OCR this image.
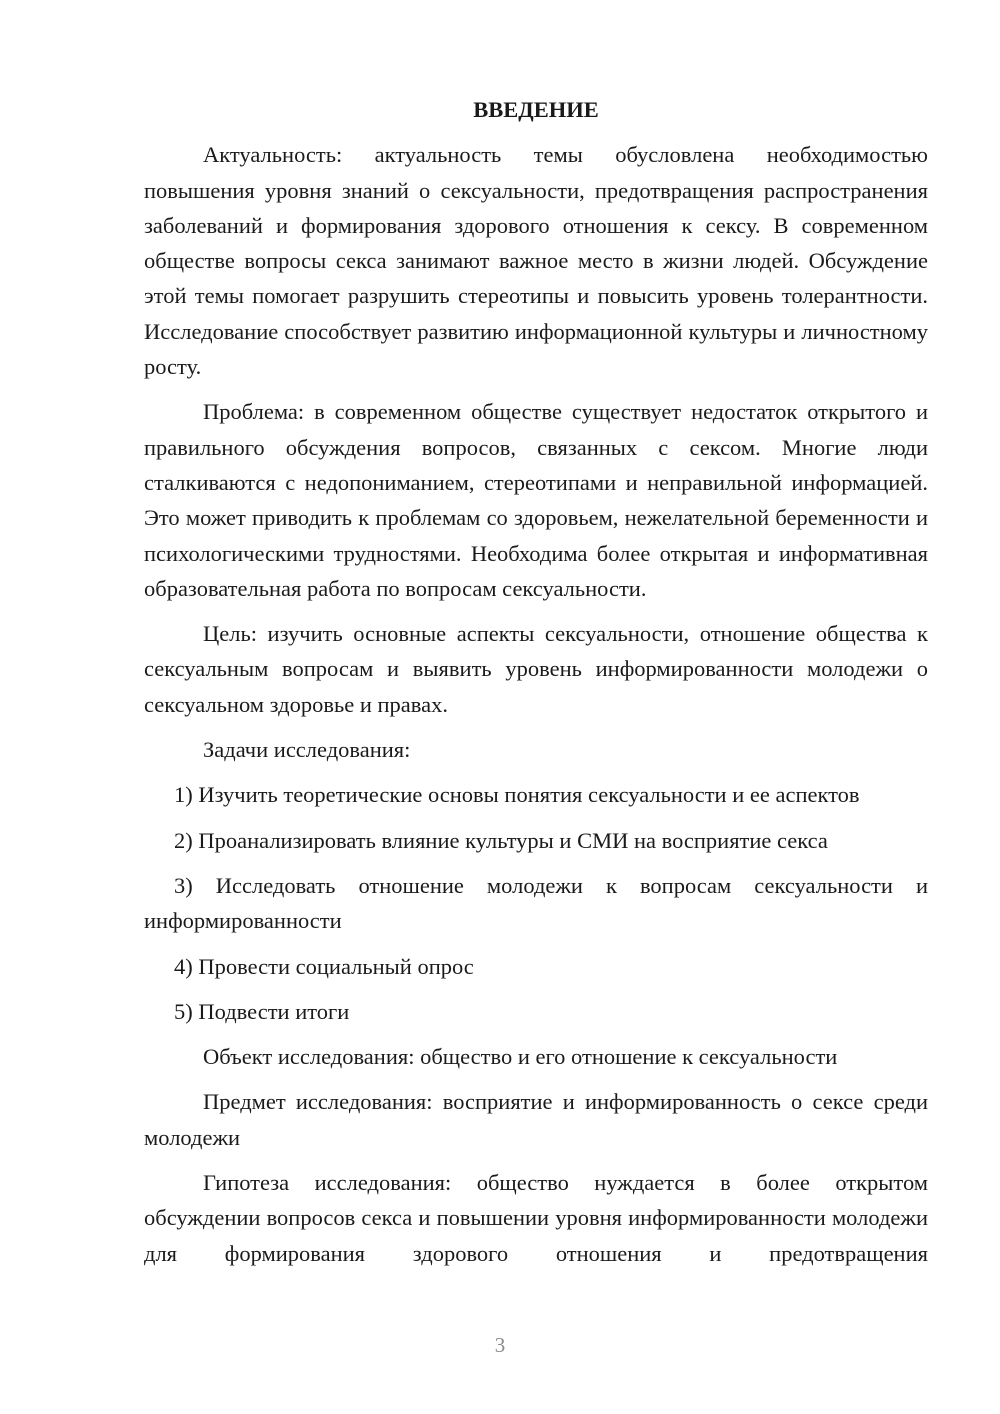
ВВЕДЕНИЕ

Актуальность: актуальность темы обусловлена необходимостью повышения уровня знаний о сексуальности, предотвращения распространения заболеваний и формирования здорового отношения к сексу. В современном обществе вопросы секса занимают важное место в жизни людей. Обсуждение этой темы помогает разрушить стереотипы и повысить уровень толерантности. Исследование способствует развитию информационной культуры и личностному росту.

Проблема: в современном обществе существует недостаток открытого и правильного обсуждения вопросов, связанных с сексом. Многие люди сталкиваются с недопониманием, стереотипами и неправильной информацией. Это может приводить к проблемам со здоровьем, нежелательной беременности и психологическими трудностями. Необходима более открытая и информативная образовательная работа по вопросам сексуальности.

Цель: изучить основные аспекты сексуальности, отношение общества к сексуальным вопросам и выявить уровень информированности молодежи о сексуальном здоровье и правах.

Задачи исследования:

1) Изучить теоретические основы понятия сексуальности и ее аспектов

2) Проанализировать влияние культуры и СМИ на восприятие секса

3) Исследовать отношение молодежи к вопросам сексуальности и информированности

4) Провести социальный опрос

5) Подвести итоги

Объект исследования: общество и его отношение к сексуальности

Предмет исследования: восприятие и информированность о сексе среди молодежи

Гипотеза исследования: общество нуждается в более открытом обсуждении вопросов секса и повышении уровня информированности молодежи для формирования здорового отношения и предотвращения

3
